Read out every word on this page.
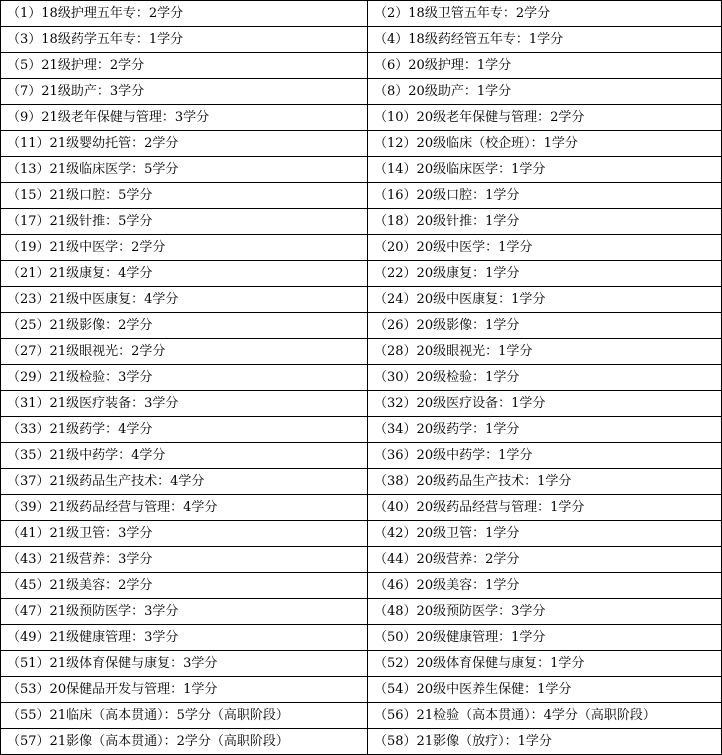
（1）18级护理五年专：2学分	（2）18级卫管五年专：2学分
（3）18级药学五年专：1学分	（4）18级药经管五年专：1学分
（5）21级护理：2学分	（6）20级护理：1学分
（7）21级助产：3学分	（8）20级助产：1学分
（9）21级老年保健与管理：3学分	（10）20级老年保健与管理：2学分
（11）21级婴幼托管：2学分	（12）20级临床（校企班）：1学分
（13）21级临床医学：5学分	（14）20级临床医学：1学分
（15）21级口腔：5学分	（16）20级口腔：1学分
（17）21级针推：5学分	（18）20级针推：1学分
（19）21级中医学：2学分	（20）20级中医学：1学分
（21）21级康复：4学分	（22）20级康复：1学分
（23）21级中医康复：4学分	（24）20级中医康复：1学分
（25）21级影像：2学分	（26）20级影像：1学分
（27）21级眼视光：2学分	（28）20级眼视光：1学分
（29）21级检验：3学分	（30）20级检验：1学分
（31）21级医疗装备：3学分	（32）20级医疗设备：1学分
（33）21级药学：4学分	（34）20级药学：1学分
（35）21级中药学：4学分	（36）20级中药学：1学分
（37）21级药品生产技术：4学分	（38）20级药品生产技术：1学分
（39）21级药品经营与管理：4学分	（40）20级药品经营与管理：1学分
（41）21级卫管：3学分	（42）20级卫管：1学分
（43）21级营养：3学分	（44）20级营养：2学分
（45）21级美容：2学分	（46）20级美容：1学分
（47）21级预防医学：3学分	（48）20级预防医学：3学分
（49）21级健康管理：3学分	（50）20级健康管理：1学分
（51）21级体育保健与康复：3学分	（52）20级体育保健与康复：1学分
（53）20保健品开发与管理：1学分	（54）20级中医养生保健：1学分
（55）21临床（高本贯通）：5学分（高职阶段）	（56）21检验（高本贯通）：4学分（高职阶段）
（57）21影像（高本贯通）：2学分（高职阶段）	（58）21影像（放疗）：1学分
